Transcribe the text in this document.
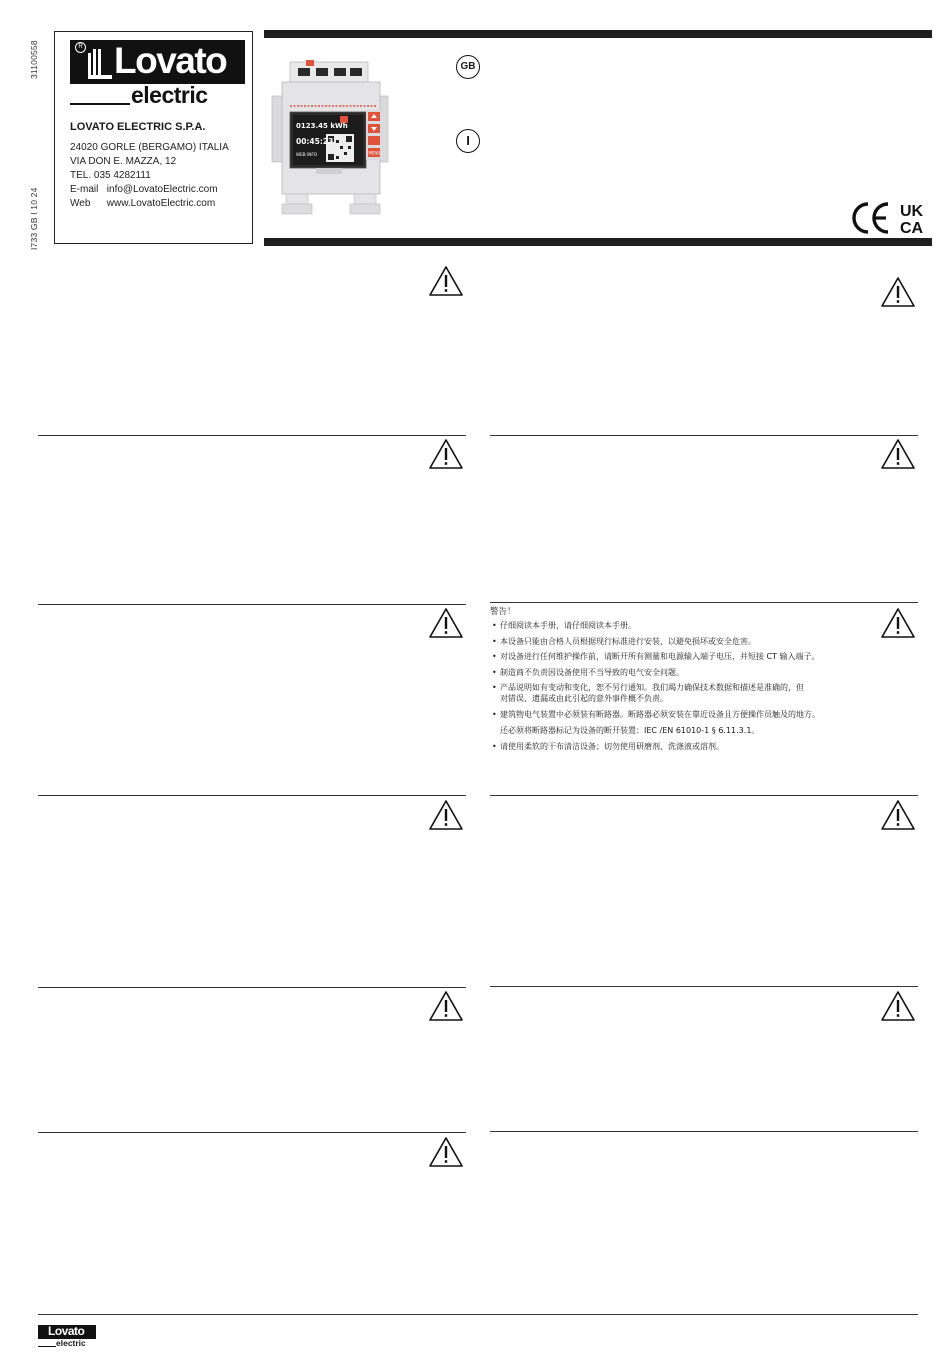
31100558
I733 GB I 10 24
R Lovato
electric
LOVATO ELECTRIC S.P.A.
24020 GORLE (BERGAMO) ITALIA
VIA DON E. MAZZA, 12
TEL. 035 4282111
E-mail info@LovatoElectric.com
Web www.LovatoElectric.com
0123.45 kWh
00:45:23
WEB INFO	MENU
GB
I
CE
UK
CA
警告！
• 仔细阅读本手册，请仔细阅读本手册。
• 本设备只能由合格人员根据现行标准进行安装，以避免损坏或安全危害。
• 对设备进行任何维护操作前，请断开所有测量和电源输入端子电压，并短接 CT 输入端子。
• 制造商不负责因设备使用不当导致的电气安全问题。
• 产品说明如有变动和变化，恕不另行通知。我们竭力确保技术数据和描述是准确的，但
对错误、遗漏或由此引起的意外事件概不负责。
• 建筑物电气装置中必须装有断路器。断路器必须安装在靠近设备且方便操作员触及的地方。
还必须将断路器标记为设备的断开装置：IEC /EN 61010-1 § 6.11.3.1。
• 请使用柔软的干布清洁设备；切勿使用研磨剂、洗涤液或溶剂。
Lovato
electric
